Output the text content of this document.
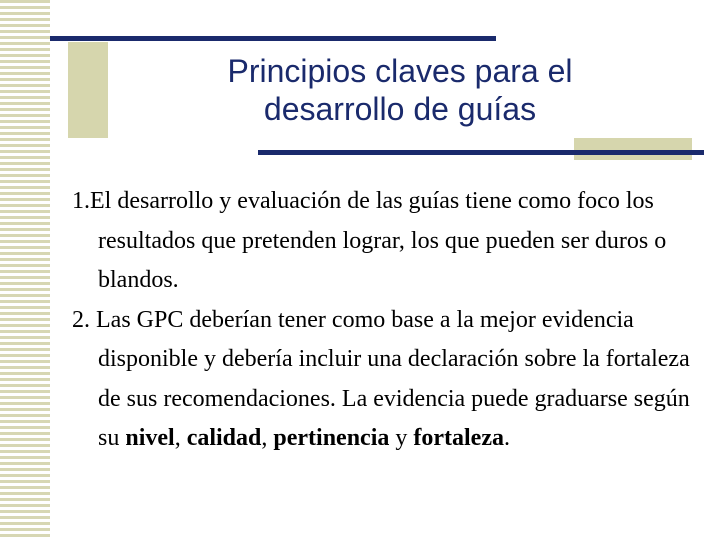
Principios claves para el
desarrollo de guías

1.El desarrollo y evaluación de las guías tiene como foco los resultados que pretenden lograr, los que pueden ser duros o blandos.

2. Las GPC deberían tener como base a la mejor evidencia disponible y debería incluir una declaración sobre la fortaleza de sus recomendaciones. La evidencia puede graduarse según su nivel, calidad, pertinencia y fortaleza.
